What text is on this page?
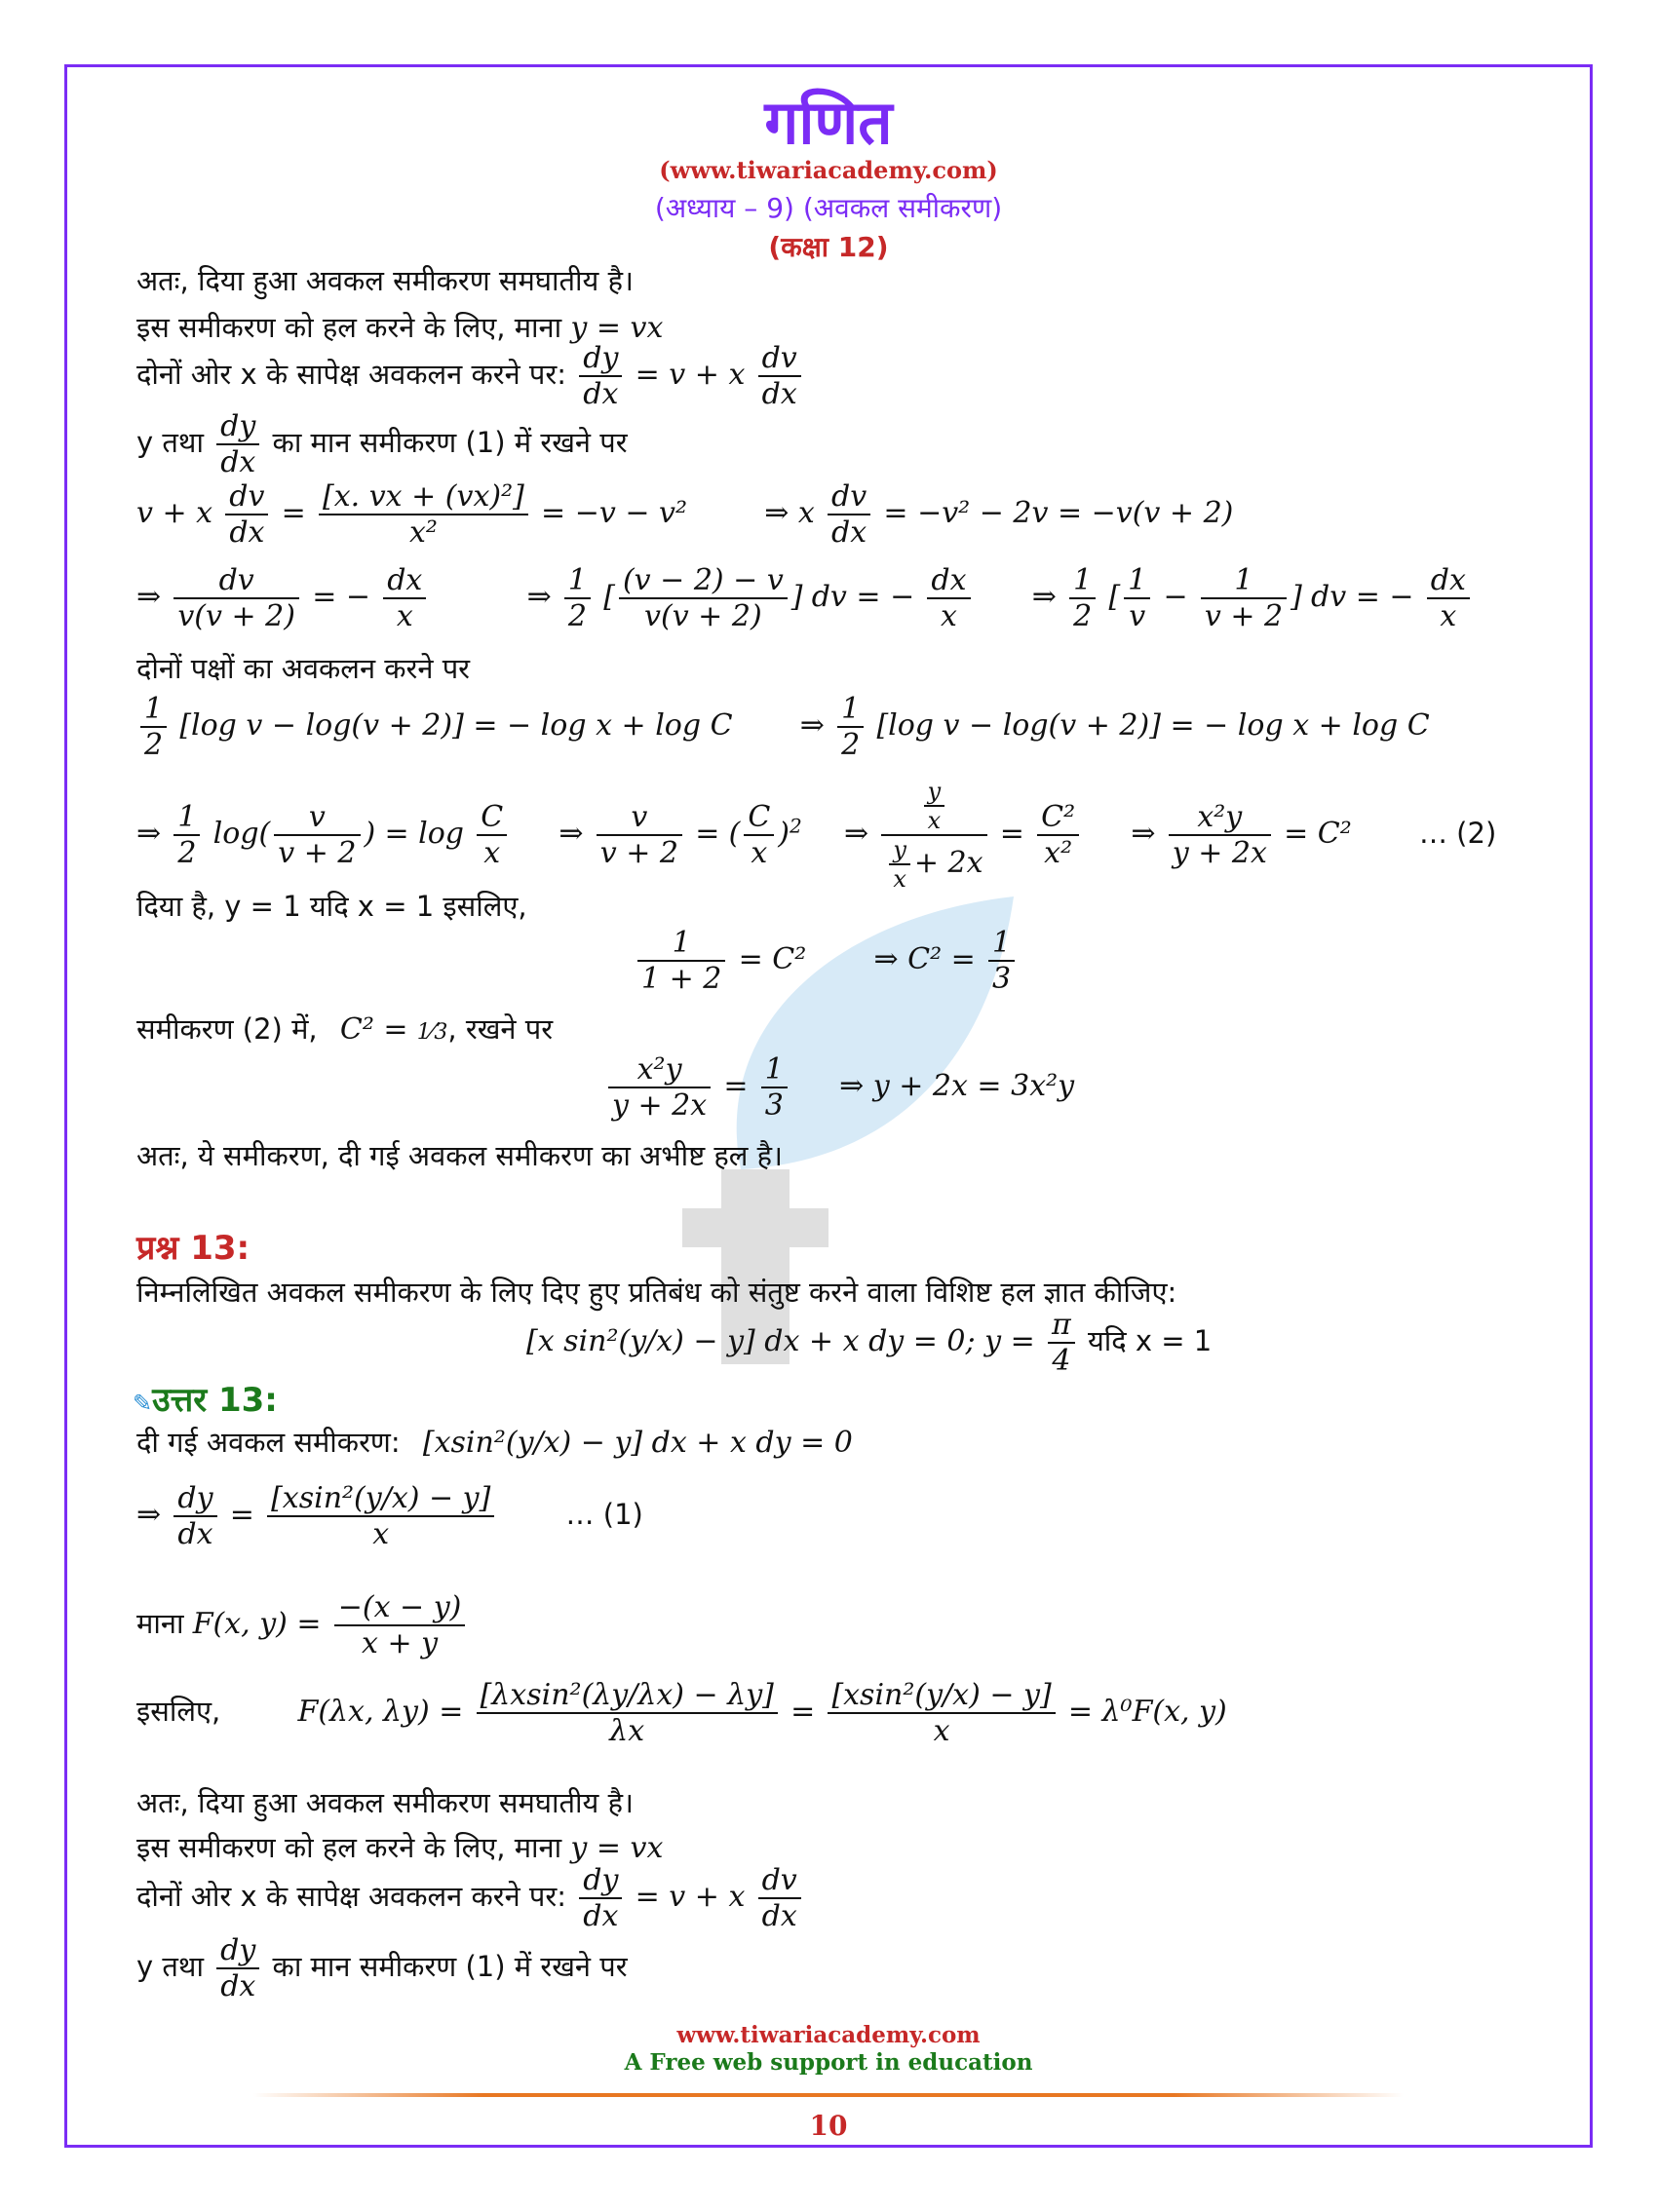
गणित
(www.tiwariacademy.com)
(अध्याय – 9) (अवकल समीकरण)
(कक्षा 12)
अतः, दिया हुआ अवकल समीकरण समघातीय है।
इस समीकरण को हल करने के लिए, माना y = vx
दोनों ओर x के सापेक्ष अवकलन करने पर: $\frac{dy}{dx} = v + x \frac{dv}{dx}$
y तथा $\frac{dy}{dx}$ का मान समीकरण (1) में रखने पर
v + x $\frac{dv}{dx} = \frac{\text{[x. vx + (vx)²]}}{\text{x²}} = -v - v^2$	⇒ x $\frac{dv}{dx} = -v^2 - 2v = -v(v + 2)$
⇒ $\frac{dv}{v(v + 2)}$ = − $\frac{dx}{x}$	⇒ $\frac{1}{2}$ [ $\frac{(v - 2) - v}{v(v + 2)}$ ] dv = − $\frac{dx}{x}$ ⇒ $\frac{1}{2}$ [ $\frac{1}{v} - \frac{1}{v + 2}$ ] dv = − $\frac{dx}{x}$
दोनों पक्षों का अवकलन करने पर
$\frac{1}{2} [\log$ v − log(v + 2)] = − log x + log C ⇒ $\frac{1}{2} [\log$ v − log(v + 2)] = − log x + log C
⇒ $\frac{1}{2} \log( \frac{v}{v + 2}$ ) = $\log \frac{C}{x}$ ⇒ $\frac{v}{v + 2}$ = ( $\frac{C}{x} )^2$ ⇒ $\frac{\frac{y}{x}}{\frac{y}{x} + 2x} = \frac{\text{C²}}{\text{x²}}$ ⇒ $\frac{\text{x²y}}{y + 2x} = C^2$ … (2)
दिया है, y = 1 यदि x = 1 इसलिए,
$\frac{1}{1 + 2} = C^2$ ⇒ $C^2 = \frac{1}{3}$
समीकरण (2) में, C² = 1⁄3, रखने पर
$\frac{\text{x²y}}{y + 2x} = \frac{1}{3}$ ⇒ y + 2x = 3x²y
अतः, ये समीकरण, दी गई अवकल समीकरण का अभीष्ट हल है।
प्रश्न 13:
निम्नलिखित अवकल समीकरण के लिए दिए हुए प्रतिबंध को संतुष्ट करने वाला विशिष्ट हल ज्ञात कीजिए:
[x sin²(y/x) − y] dx + x dy = 0; $y = \frac{\pi}{4}$ यदि x = 1
✎उत्तर 13:
दी गई अवकल समीकरण: [xsin²(y/x) − y] dx + x dy = 0
⇒ $\frac{dy}{dx} = \frac{\text{[xsin²(y/x) − y]}}{x}$	… (1)
माना F(x, $y) = \frac{-(x - y)}{x + y}$
इसलिए,	F(λx, $\lambda y) = \frac{\text{[λxsin²(λy/λx) − λy]}}{\lambda x} = \frac{\text{[xsin²(y/x) − y]}}{x} = \lambda^0F(x$, y)
अतः, दिया हुआ अवकल समीकरण समघातीय है।
इस समीकरण को हल करने के लिए, माना y = vx
दोनों ओर x के सापेक्ष अवकलन करने पर: $\frac{dy}{dx} = v + x \frac{dv}{dx}$
y तथा $\frac{dy}{dx}$ का मान समीकरण (1) में रखने पर
www.tiwariacademy.com
A Free web support in education
10
